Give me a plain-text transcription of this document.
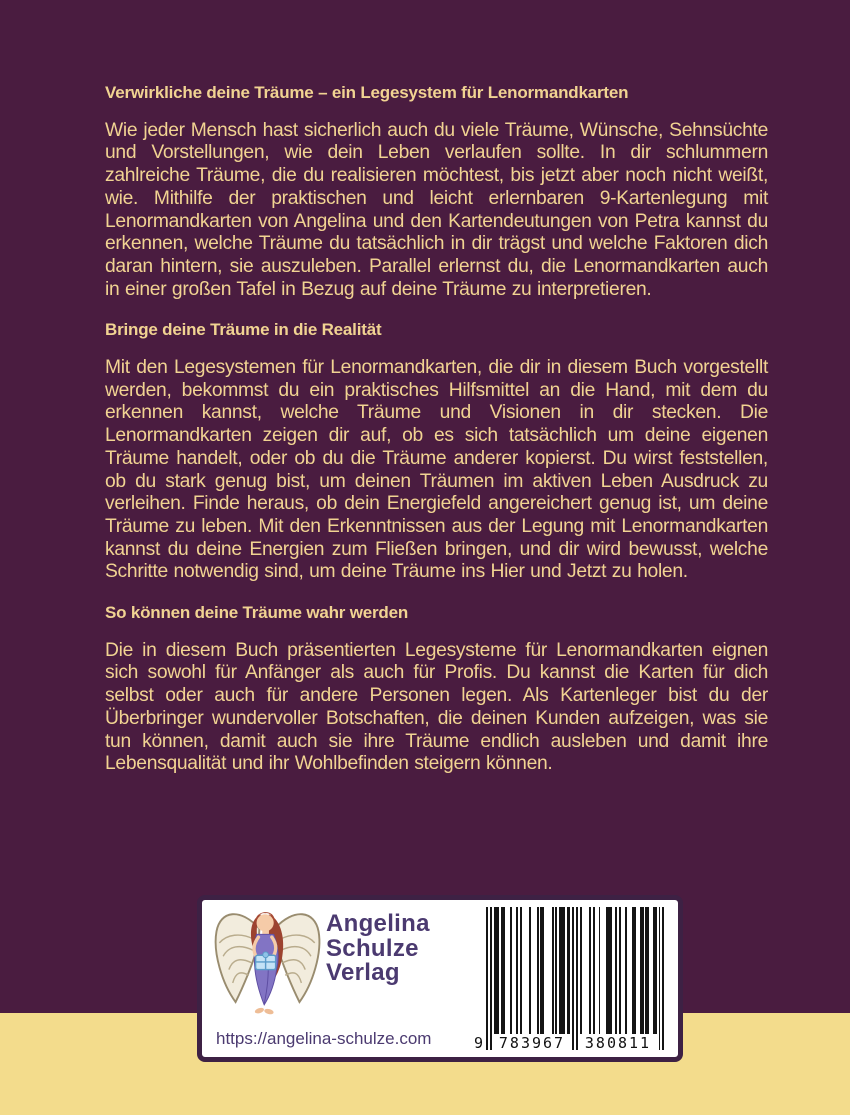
Verwirkliche deine Träume – ein Legesystem für Lenormandkarten

Wie jeder Mensch hast sicherlich auch du viele Träume, Wünsche, Sehnsüchte und Vorstellungen, wie dein Leben verlaufen sollte. In dir schlummern zahlreiche Träume, die du realisieren möchtest, bis jetzt aber noch nicht weißt, wie. Mithilfe der praktischen und leicht erlernbaren 9-Kartenlegung mit Lenormandkarten von Angelina und den Kartendeutungen von Petra kannst du erkennen, welche Träume du tatsächlich in dir trägst und welche Faktoren dich daran hintern, sie auszuleben. Parallel erlernst du, die Lenormandkarten auch in einer großen Tafel in Bezug auf deine Träume zu interpretieren.

Bringe deine Träume in die Realität

Mit den Legesystemen für Lenormandkarten, die dir in diesem Buch vorgestellt werden, bekommst du ein praktisches Hilfsmittel an die Hand, mit dem du erkennen kannst, welche Träume und Visionen in dir stecken. Die Lenormandkarten zeigen dir auf, ob es sich tatsächlich um deine eigenen Träume handelt, oder ob du die Träume anderer kopierst. Du wirst feststellen, ob du stark genug bist, um deinen Träumen im aktiven Leben Ausdruck zu verleihen. Finde heraus, ob dein Energiefeld angereichert genug ist, um deine Träume zu leben. Mit den Erkenntnissen aus der Legung mit Lenormandkarten kannst du deine Energien zum Fließen bringen, und dir wird bewusst, welche Schritte notwendig sind, um deine Träume ins Hier und Jetzt zu holen.

So können deine Träume wahr werden

Die in diesem Buch präsentierten Legesysteme für Lenormandkarten eignen sich sowohl für Anfänger als auch für Profis. Du kannst die Karten für dich selbst oder auch für andere Personen legen. Als Kartenleger bist du der Überbringer wundervoller Botschaften, die deinen Kunden aufzeigen, was sie tun können, damit auch sie ihre Träume endlich ausleben und damit ihre Lebensqualität und ihr Wohlbefinden steigern können.

Angelina
Schulze
Verlag
https://angelina-schulze.com	9	783967	380811
